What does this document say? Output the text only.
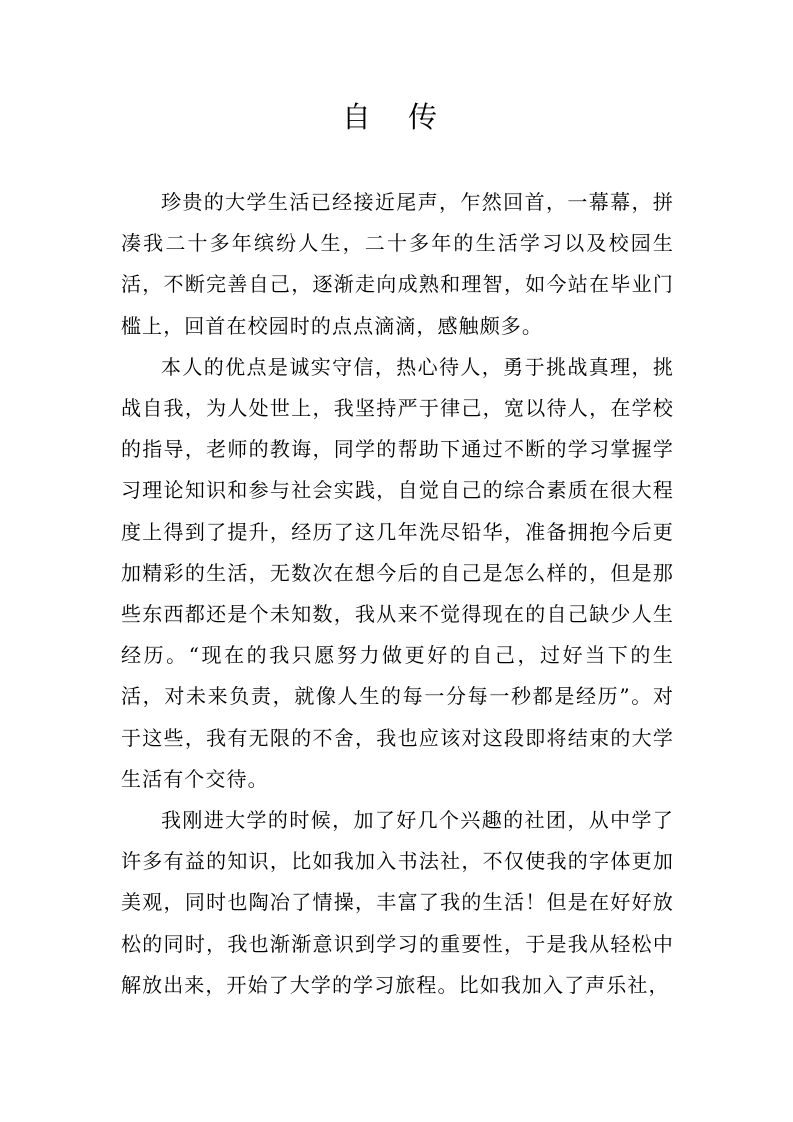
自 传

珍贵的大学生活已经接近尾声，乍然回首，一幕幕，拼凑我二十多年缤纷人生，二十多年的生活学习以及校园生活，不断完善自己，逐渐走向成熟和理智，如今站在毕业门槛上，回首在校园时的点点滴滴，感触颇多。

本人的优点是诚实守信，热心待人，勇于挑战真理，挑战自我，为人处世上，我坚持严于律己，宽以待人，在学校的指导，老师的教诲，同学的帮助下通过不断的学习掌握学习理论知识和参与社会实践，自觉自己的综合素质在很大程度上得到了提升，经历了这几年洗尽铅华，准备拥抱今后更加精彩的生活，无数次在想今后的自己是怎么样的，但是那些东西都还是个未知数，我从来不觉得现在的自己缺少人生经历。“现在的我只愿努力做更好的自己，过好当下的生活，对未来负责，就像人生的每一分每一秒都是经历”。对于这些，我有无限的不舍，我也应该对这段即将结束的大学生活有个交待。

我刚进大学的时候，加了好几个兴趣的社团，从中学了许多有益的知识，比如我加入书法社，不仅使我的字体更加美观，同时也陶冶了情操，丰富了我的生活！但是在好好放松的同时，我也渐渐意识到学习的重要性，于是我从轻松中解放出来，开始了大学的学习旅程。比如我加入了声乐社，
